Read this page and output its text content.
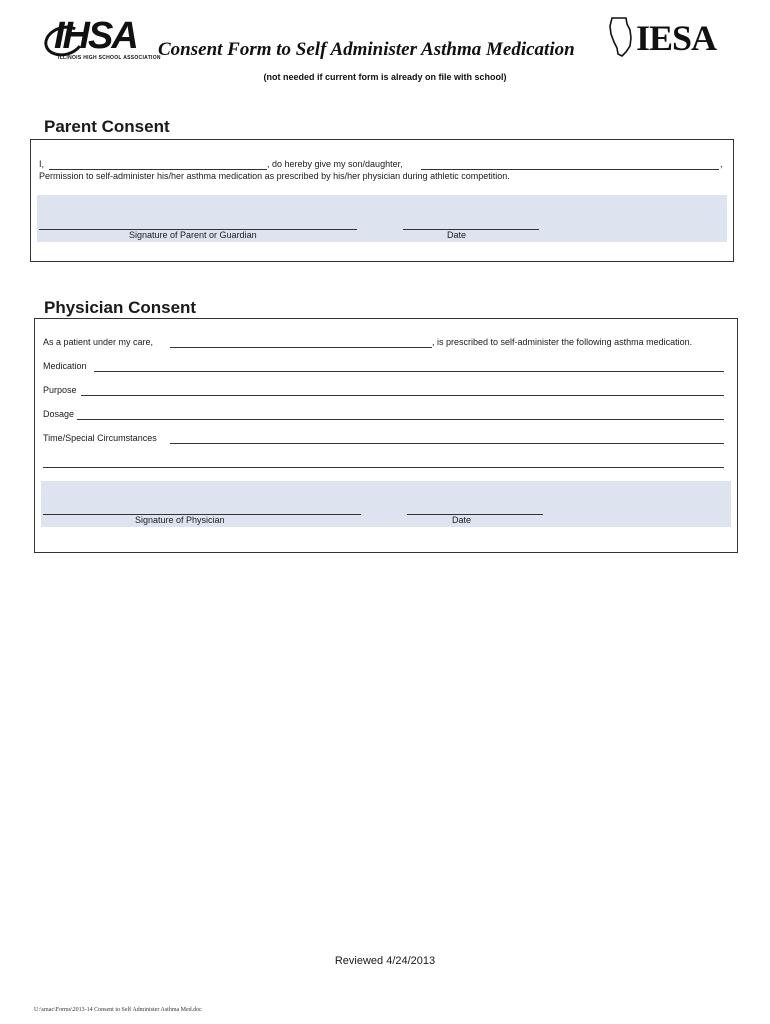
IHSA
ILLINOIS HIGH SCHOOL ASSOCIATION
Consent Form to Self Administer Asthma Medication IESA
(not needed if current form is already on file with school)
Parent Consent
I,	, do hereby give my son/daughter,	,
Permission to self-administer his/her asthma medication as prescribed by his/her physician during athletic competition.
Signature of Parent or Guardian	Date
Physician Consent
As a patient under my care,	, is prescribed to self-administer the following asthma medication.
Medication
Purpose
Dosage
Time/Special Circumstances
Signature of Physician	Date
Reviewed 4/24/2013
U:\smac\Forms\2013-14 Consent to Self Administer Asthma Med.doc
